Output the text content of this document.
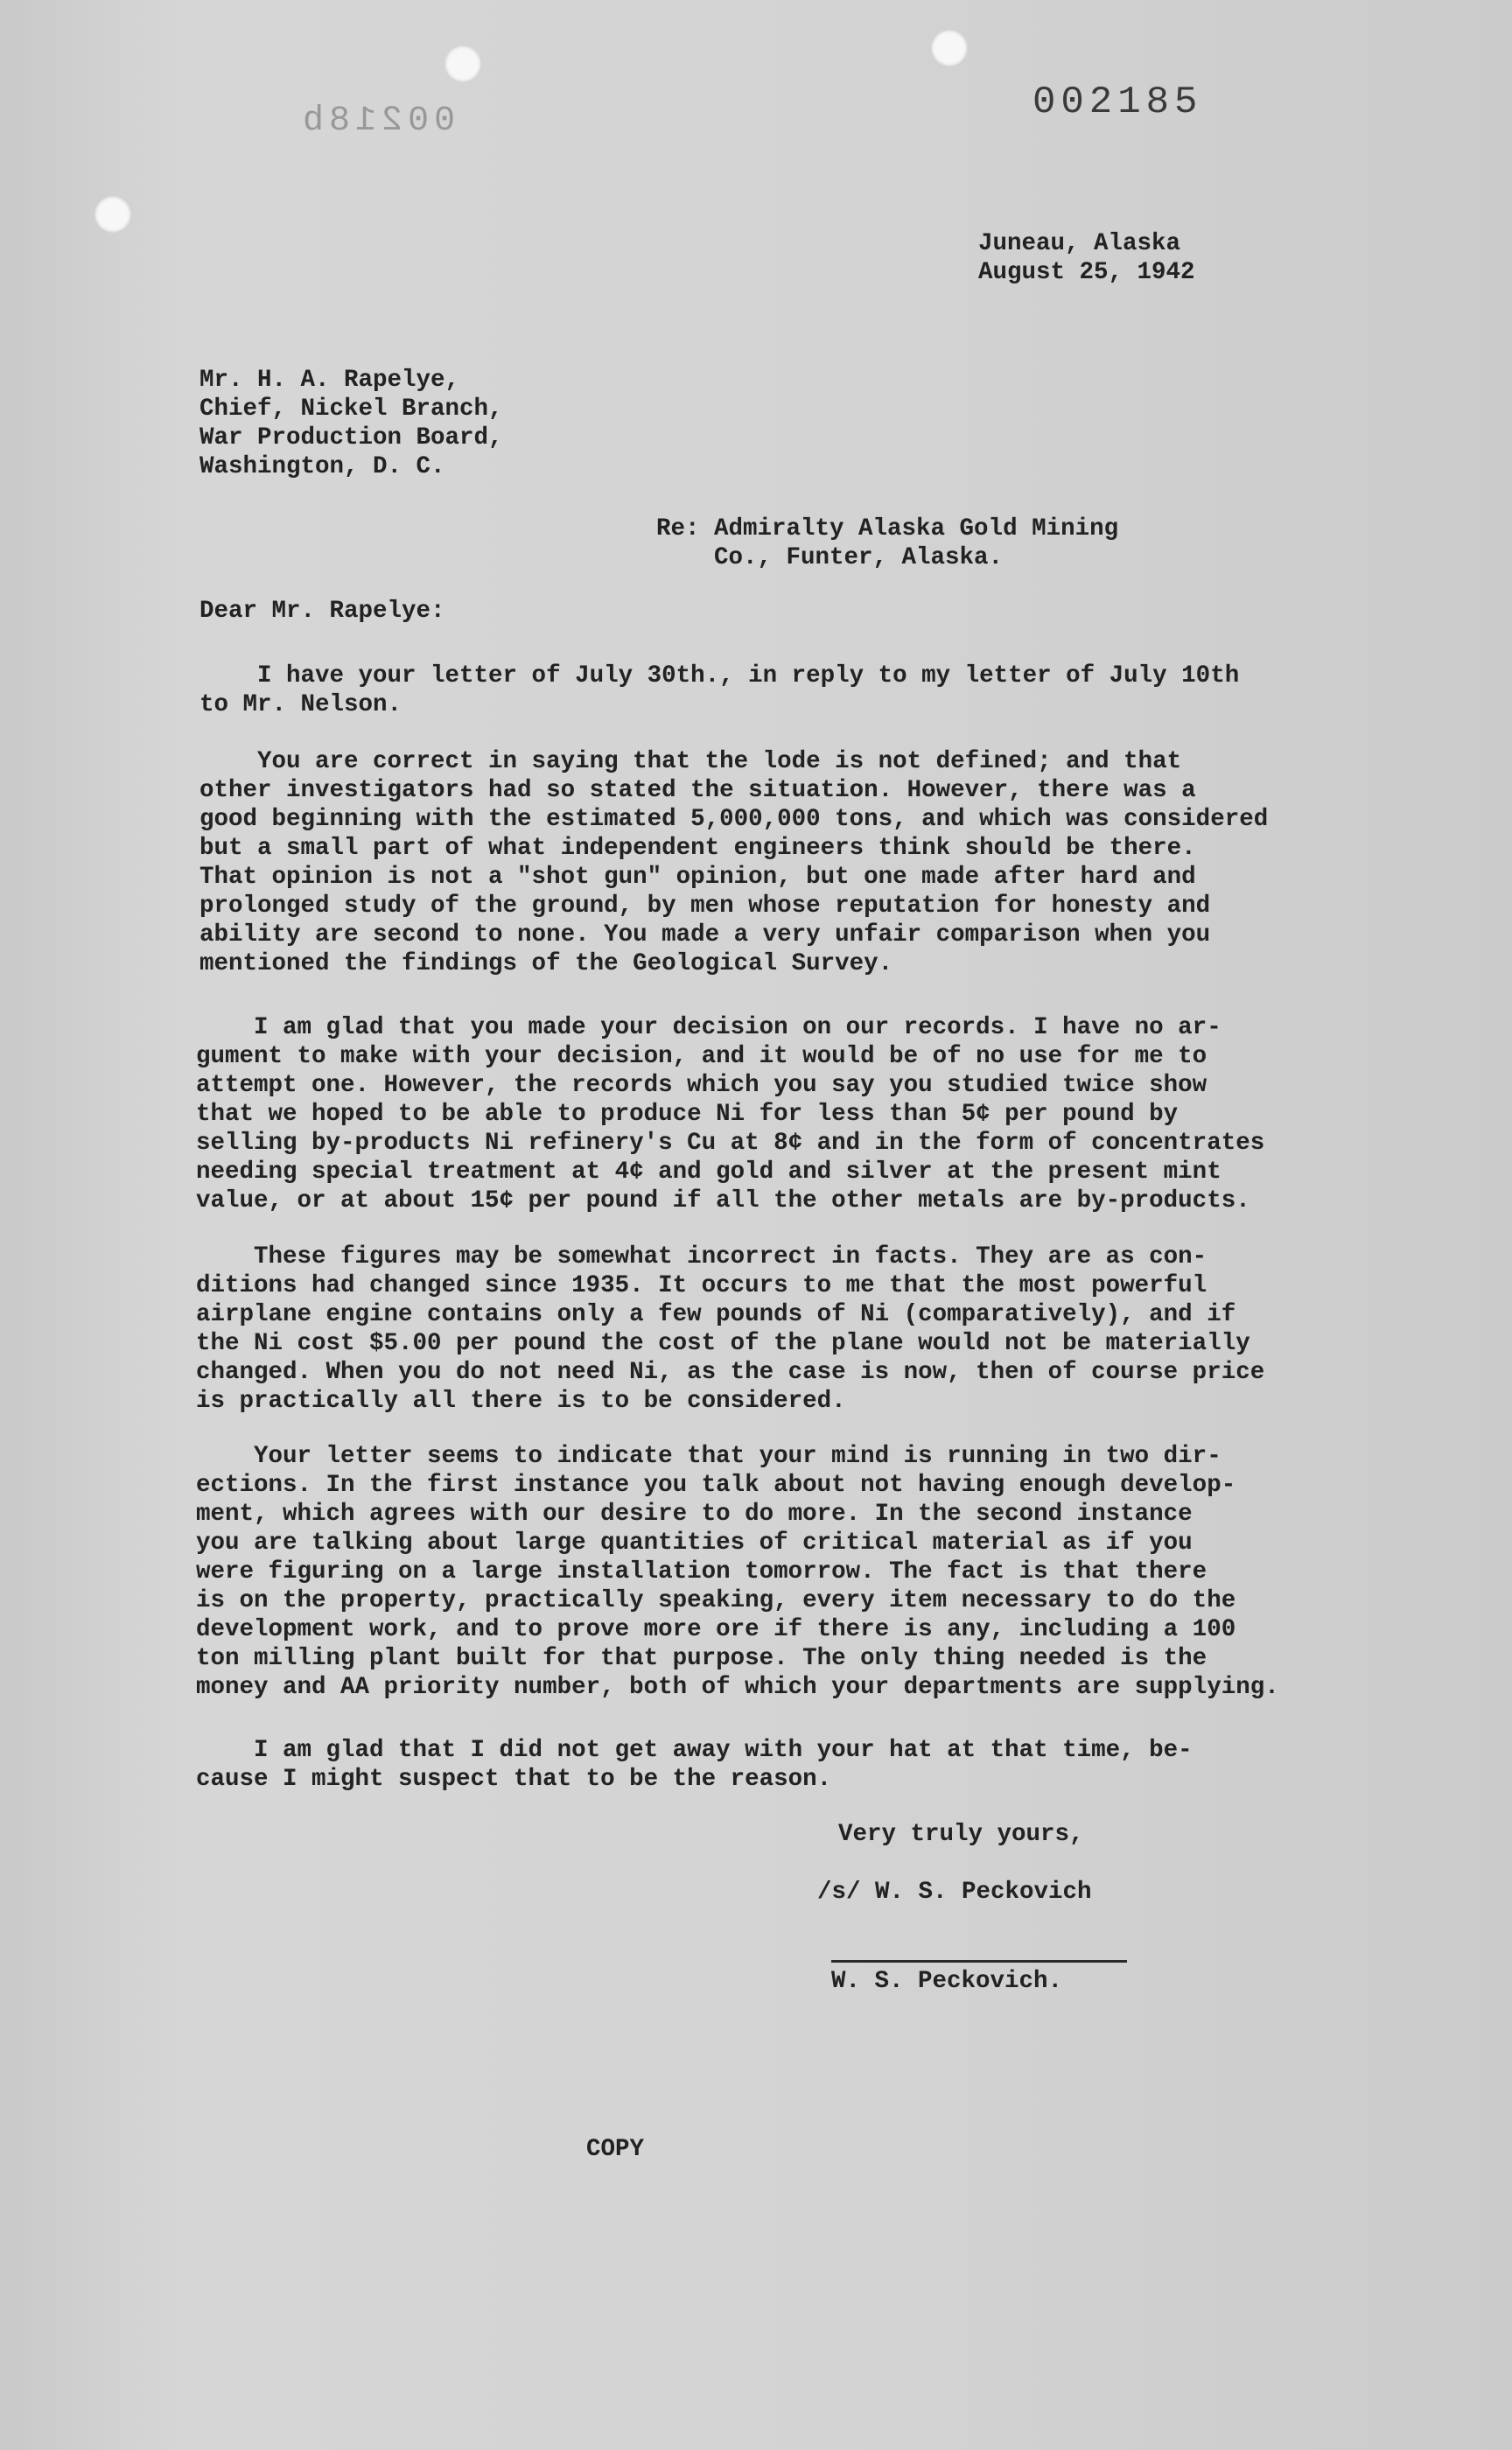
002185
00218b
Juneau, Alaska
August 25, 1942
Mr. H. A. Rapelye,
Chief, Nickel Branch,
War Production Board,
Washington, D. C.
Re: Admiralty Alaska Gold Mining
Co., Funter, Alaska.
Dear Mr. Rapelye:
I have your letter of July 30th., in reply to my letter of July 10th
to Mr. Nelson.
You are correct in saying that the lode is not defined; and that
other investigators had so stated the situation. However, there was a
good beginning with the estimated 5,000,000 tons, and which was considered
but a small part of what independent engineers think should be there.
That opinion is not a "shot gun" opinion, but one made after hard and
prolonged study of the ground, by men whose reputation for honesty and
ability are second to none. You made a very unfair comparison when you
mentioned the findings of the Geological Survey.
I am glad that you made your decision on our records. I have no ar-
gument to make with your decision, and it would be of no use for me to
attempt one. However, the records which you say you studied twice show
that we hoped to be able to produce Ni for less than 5¢ per pound by
selling by-products Ni refinery's Cu at 8¢ and in the form of concentrates
needing special treatment at 4¢ and gold and silver at the present mint
value, or at about 15¢ per pound if all the other metals are by-products.
These figures may be somewhat incorrect in facts. They are as con-
ditions had changed since 1935. It occurs to me that the most powerful
airplane engine contains only a few pounds of Ni (comparatively), and if
the Ni cost $5.00 per pound the cost of the plane would not be materially
changed. When you do not need Ni, as the case is now, then of course price
is practically all there is to be considered.
Your letter seems to indicate that your mind is running in two dir-
ections. In the first instance you talk about not having enough develop-
ment, which agrees with our desire to do more. In the second instance
you are talking about large quantities of critical material as if you
were figuring on a large installation tomorrow. The fact is that there
is on the property, practically speaking, every item necessary to do the
development work, and to prove more ore if there is any, including a 100
ton milling plant built for that purpose. The only thing needed is the
money and AA priority number, both of which your departments are supplying.
I am glad that I did not get away with your hat at that time, be-
cause I might suspect that to be the reason.
Very truly yours,
/s/ W. S. Peckovich
W. S. Peckovich.
COPY
